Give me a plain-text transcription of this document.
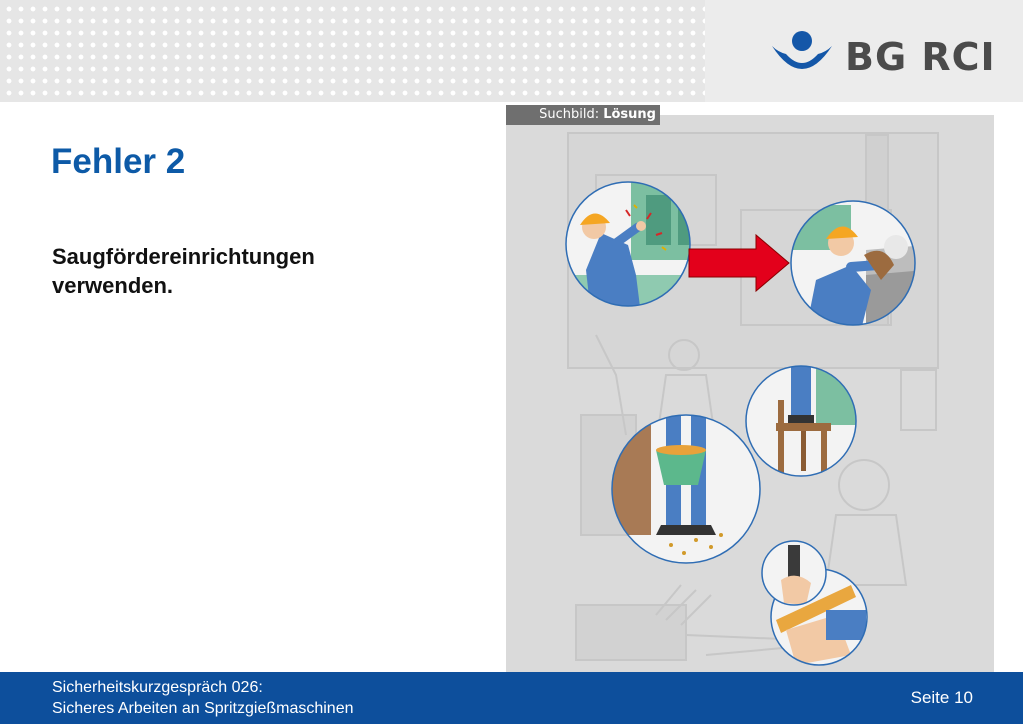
BG RCI
Fehler 2

Saugfördereinrichtungen
verwenden.

Suchbild: Lösung
Sicherheitskurzgespräch 026:
Sicheres Arbeiten an Spritzgießmaschinen
Seite 10
